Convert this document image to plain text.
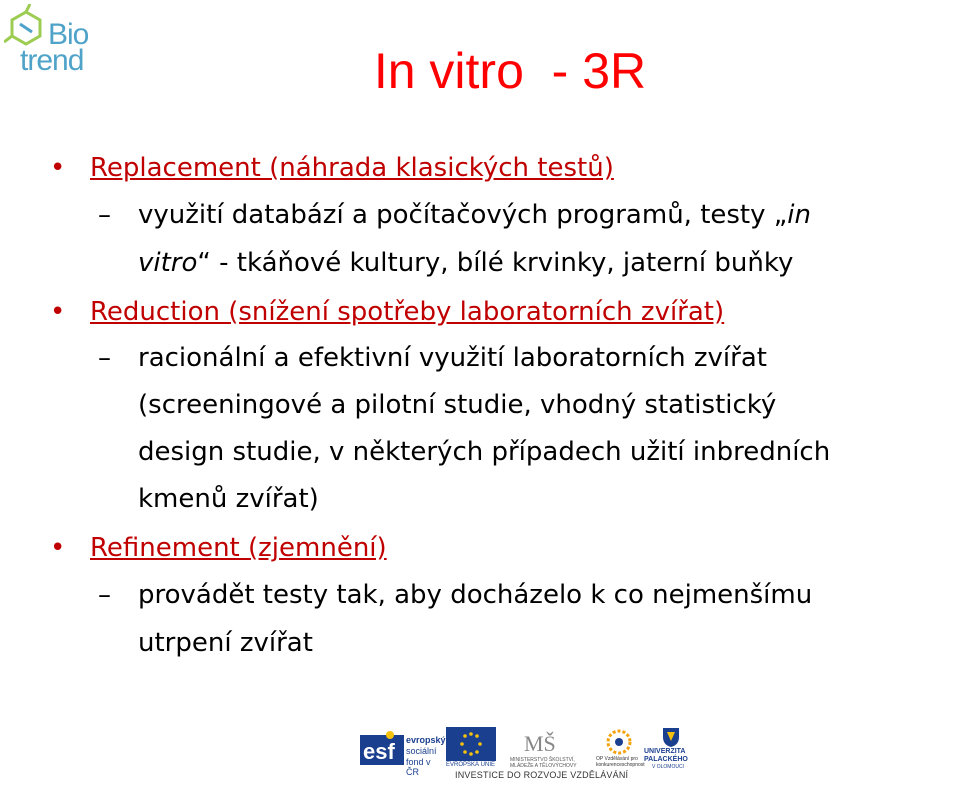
Bio
trend	In vitro  - 3R
• Replacement (náhrada klasických testů)
–	využití databází a počítačových programů, testy „in
vitro“ - tkáňové kultury, bílé krvinky, jaterní buňky
• Reduction (snížení spotřeby laboratorních zvířat)
–	racionální a efektivní využití laboratorních zvířat
(screeningové a pilotní studie, vhodný statistický
design studie, v některých případech užití inbredních
kmenů zvířat)
• Refinement (zjemnění)
–	provádět testy tak, aby docházelo k co nejmenšímu
utrpení zvířat
esf evropský
sociální
fond v ČR
EVROPSKÁ UNIE
MŠ
MINISTERSTVO ŠKOLSTVÍ, MLÁDEŽE A TĚLOVÝCHOVY
OP Vzdělávání pro konkurenceschopnost
UNIVERZITA
PALACKÉHO
V OLOMOUCI
INVESTICE DO ROZVOJE VZDĚLÁVÁNÍ
